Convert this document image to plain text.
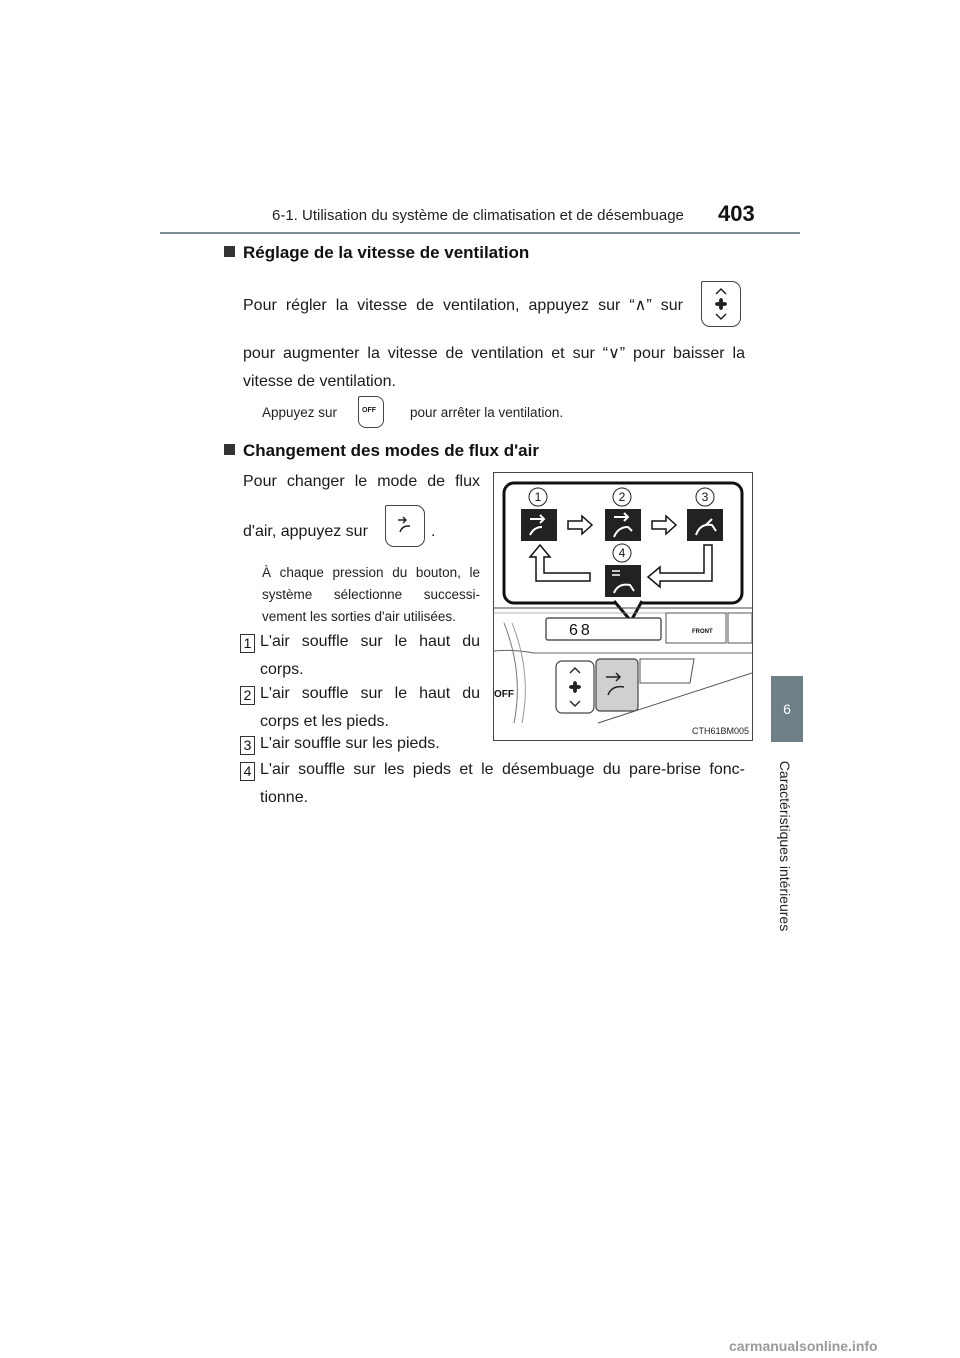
6-1. Utilisation du système de climatisation et de désembuage 403
6
Caractéristiques intérieures
Réglage de la vitesse de ventilation
Pour régler la vitesse de ventilation, appuyez sur “∧” sur
pour augmenter la vitesse de ventilation et sur “∨” pour baisser la vitesse de ventilation.
Appuyez sur	OFF	pour arrêter la ventilation.
Changement des modes de flux d'air
Pour changer le mode de flux
d'air, appuyez sur	.
À chaque pression du bouton, le système sélectionne successi-vement les sorties d'air utilisées.
1 L'air souffle sur le haut du corps.
2 L'air souffle sur le haut du corps et les pieds.
3 L'air souffle sur les pieds.
4 L'air souffle sur les pieds et le désembuage du pare-brise fonc-tionne.
1	2	3
4
68	FRONT
OFF
CTH61BM005
carmanualsonline.info
